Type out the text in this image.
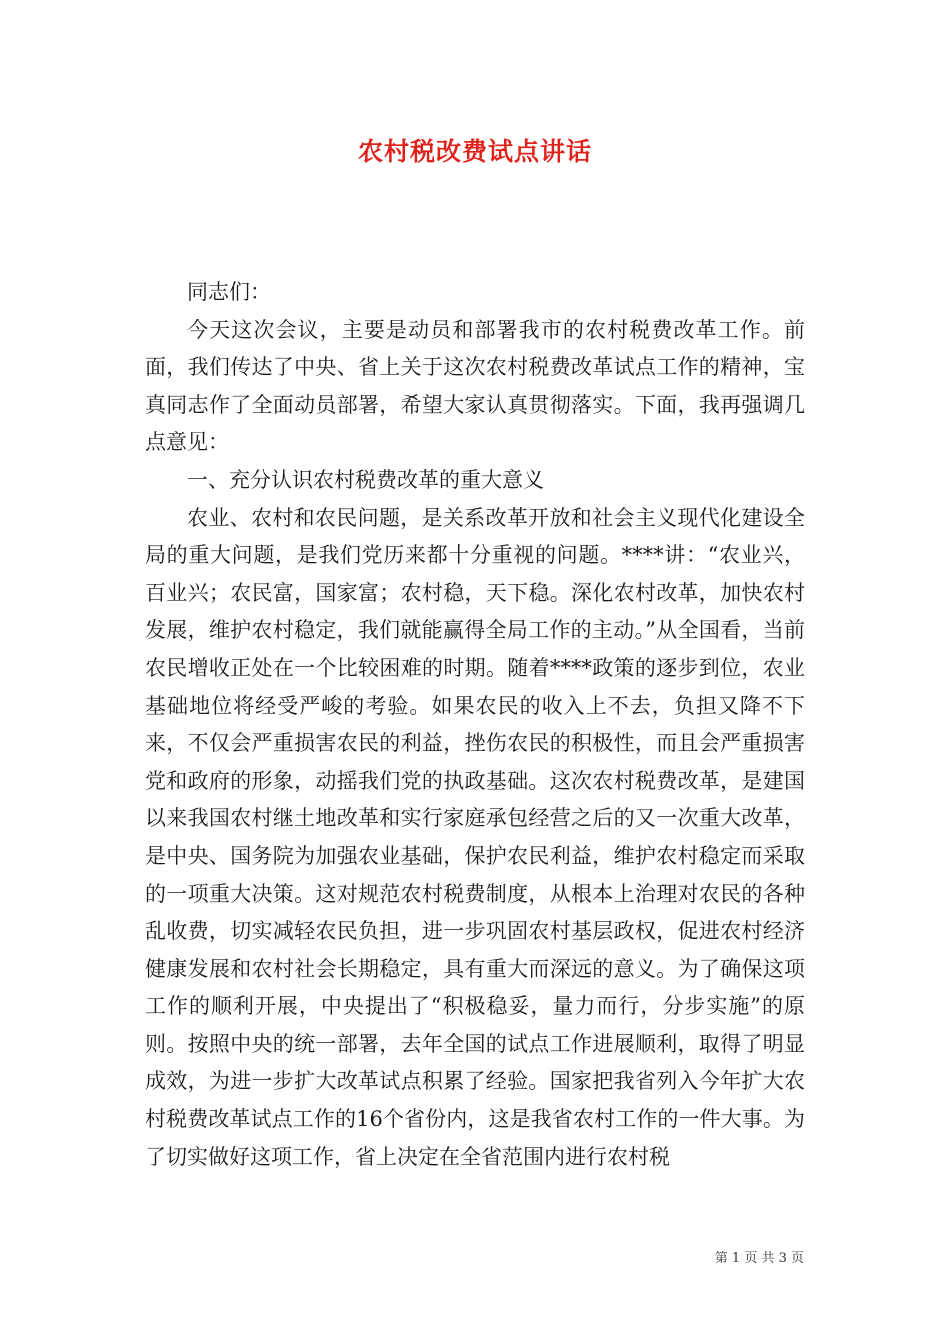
农村税改费试点讲话

同志们：

今天这次会议，主要是动员和部署我市的农村税费改革工作。前面，我们传达了中央、省上关于这次农村税费改革试点工作的精神，宝真同志作了全面动员部署，希望大家认真贯彻落实。下面，我再强调几点意见：

一、充分认识农村税费改革的重大意义

农业、农村和农民问题，是关系改革开放和社会主义现代化建设全局的重大问题，是我们党历来都十分重视的问题。****讲：“农业兴，百业兴；农民富，国家富；农村稳，天下稳。深化农村改革，加快农村发展，维护农村稳定，我们就能赢得全局工作的主动。”从全国看，当前农民增收正处在一个比较困难的时期。随着****政策的逐步到位，农业基础地位将经受严峻的考验。如果农民的收入上不去，负担又降不下来，不仅会严重损害农民的利益，挫伤农民的积极性，而且会严重损害党和政府的形象，动摇我们党的执政基础。这次农村税费改革，是建国以来我国农村继土地改革和实行家庭承包经营之后的又一次重大改革，是中央、国务院为加强农业基础，保护农民利益，维护农村稳定而采取的一项重大决策。这对规范农村税费制度，从根本上治理对农民的各种乱收费，切实减轻农民负担，进一步巩固农村基层政权，促进农村经济健康发展和农村社会长期稳定，具有重大而深远的意义。为了确保这项工作的顺利开展，中央提出了“积极稳妥，量力而行，分步实施”的原则。按照中央的统一部署，去年全国的试点工作进展顺利，取得了明显成效，为进一步扩大改革试点积累了经验。国家把我省列入今年扩大农村税费改革试点工作的16个省份内，这是我省农村工作的一件大事。为了切实做好这项工作，省上决定在全省范围内进行农村税

第 1 页 共 3 页
